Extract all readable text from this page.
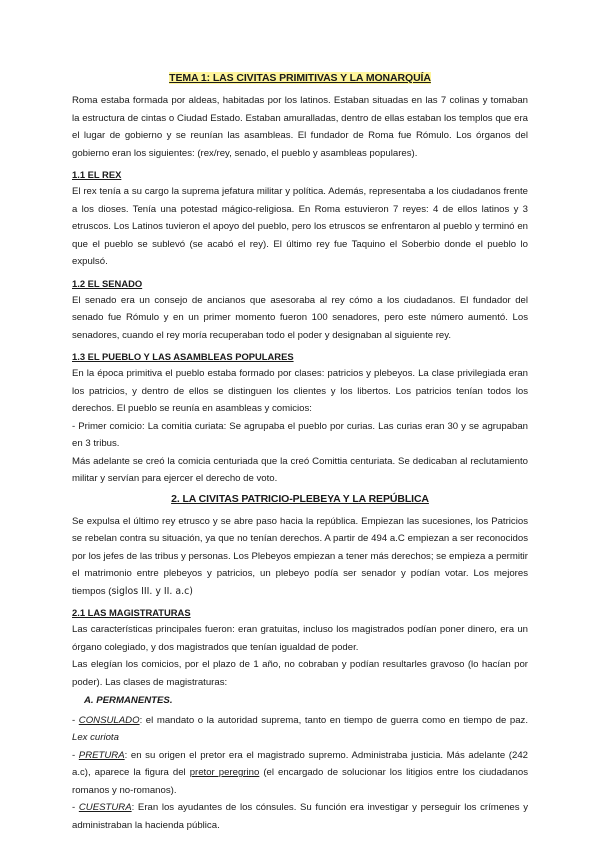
TEMA 1: LAS CIVITAS PRIMITIVAS Y LA MONARQUÍA

Roma estaba formada por aldeas, habitadas por los latinos. Estaban situadas en las 7 colinas y tomaban la estructura de cintas o Ciudad Estado. Estaban amuralladas, dentro de ellas estaban los templos que era el lugar de gobierno y se reunían las asambleas. El fundador de Roma fue Rómulo. Los órganos del gobierno eran los siguientes: (rex/rey, senado, el pueblo y asambleas populares).

1.1 EL REX

El rex tenía a su cargo la suprema jefatura militar y política. Además, representaba a los ciudadanos frente a los dioses. Tenía una potestad mágico-religiosa. En Roma estuvieron 7 reyes: 4 de ellos latinos y 3 etruscos. Los Latinos tuvieron el apoyo del pueblo, pero los etruscos se enfrentaron al pueblo y terminó en que el pueblo se sublevó (se acabó el rey). El último rey fue Taquino el Soberbio donde el pueblo lo expulsó.

1.2 EL SENADO

El senado era un consejo de ancianos que asesoraba al rey cómo a los ciudadanos. El fundador del senado fue Rómulo y en un primer momento fueron 100 senadores, pero este número aumentó. Los senadores, cuando el rey moría recuperaban todo el poder y designaban al siguiente rey.

1.3 EL PUEBLO Y LAS ASAMBLEAS POPULARES

En la época primitiva el pueblo estaba formado por clases: patricios y plebeyos. La clase privilegiada eran los patricios, y dentro de ellos se distinguen los clientes y los libertos. Los patricios tenían todos los derechos. El pueblo se reunía en asambleas y comicios:

- Primer comicio: La comitia curiata: Se agrupaba el pueblo por curias. Las curias eran 30 y se agrupaban en 3 tribus.

Más adelante se creó la comicia centuriada que la creó Comittia centuriata. Se dedicaban al reclutamiento militar y servían para ejercer el derecho de voto.

2. LA CIVITAS PATRICIO-PLEBEYA Y LA REPÚBLICA

Se expulsa el último rey etrusco y se abre paso hacia la república. Empiezan las sucesiones, los Patricios se rebelan contra su situación, ya que no tenían derechos. A partir de 494 a.C empiezan a ser reconocidos por los jefes de las tribus y personas. Los Plebeyos empiezan a tener más derechos; se empieza a permitir el matrimonio entre plebeyos y patricios, un plebeyo podía ser senador y podían votar. Los mejores tiempos (siglos III. y II. a.c)

2.1 LAS MAGISTRATURAS

Las características principales fueron: eran gratuitas, incluso los magistrados podían poner dinero, era un órgano colegiado, y dos magistrados que tenían igualdad de poder.

Las elegían los comicios, por el plazo de 1 año, no cobraban y podían resultarles gravoso (lo hacían por poder). Las clases de magistraturas:

A. PERMANENTES.

- CONSULADO: el mandato o la autoridad suprema, tanto en tiempo de guerra como en tiempo de paz. Lex curiota

- PRETURA: en su origen el pretor era el magistrado supremo. Administraba justicia. Más adelante (242 a.c), aparece la figura del pretor peregrino (el encargado de solucionar los litigios entre los ciudadanos romanos y no-romanos).

- CUESTURA: Eran los ayudantes de los cónsules. Su función era investigar y perseguir los crímenes y administraban la hacienda pública.
